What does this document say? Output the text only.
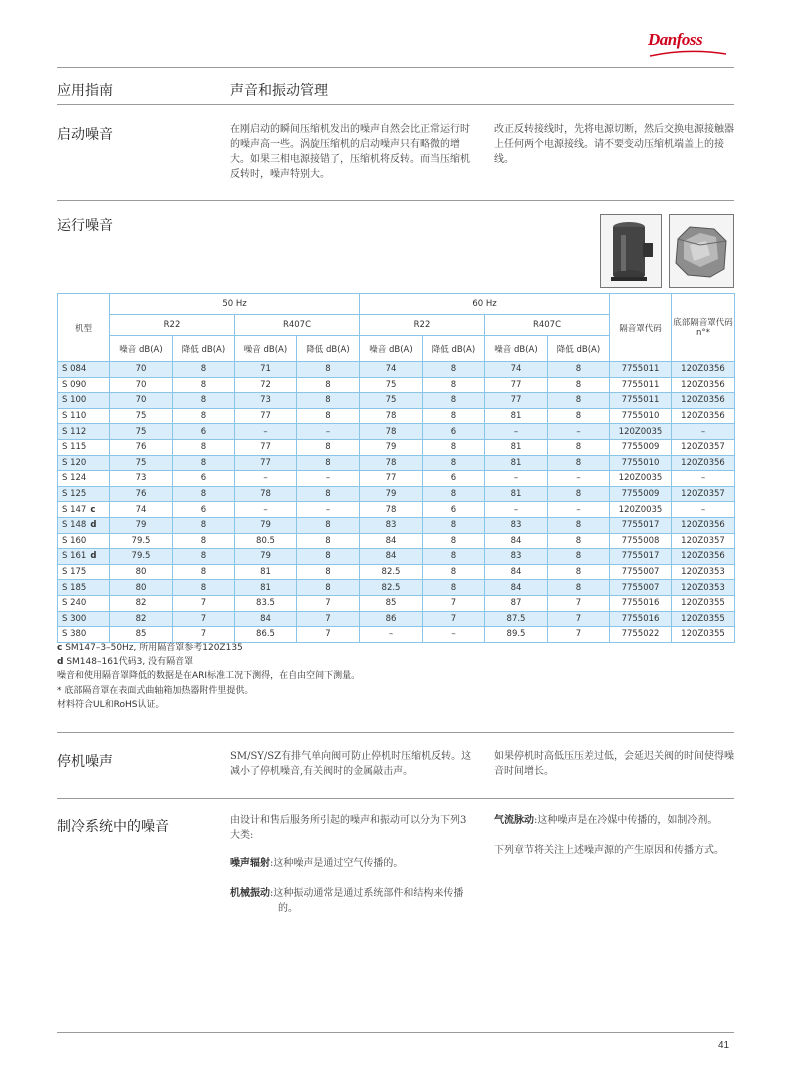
Danfoss
应用指南	声音和振动管理
启动噪音	在刚启动的瞬间压缩机发出的噪声自然会比正常运行时的噪声高一些。涡旋压缩机的启动噪声只有略微的增大。如果三相电源接错了，压缩机将反转。而当压缩机反转时，噪声特别大。
改正反转接线时，先将电源切断，然后交换电源接触器上任何两个电源接线。请不要变动压缩机端盖上的接线。
运行噪音
机型	50 Hz				60 Hz				隔音罩代码	底部隔音罩代码 n°*
	R22		R407C		R22		R407C			
	噪音 dB(A)	降低 dB(A)	噪音 dB(A)	降低 dB(A)	噪音 dB(A)	降低 dB(A)	噪音 dB(A)	降低 dB(A)		
S 084	70	8	71	8	74	8	74	8	7755011	120Z0356
S 090	70	8	72	8	75	8	77	8	7755011	120Z0356
S 100	70	8	73	8	75	8	77	8	7755011	120Z0356
S 110	75	8	77	8	78	8	81	8	7755010	120Z0356
S 112	75	6	–	–	78	6	–	–	120Z0035	–
S 115	76	8	77	8	79	8	81	8	7755009	120Z0357
S 120	75	8	77	8	78	8	81	8	7755010	120Z0356
S 124	73	6	–	–	77	6	–	–	120Z0035	–
S 125	76	8	78	8	79	8	81	8	7755009	120Z0357
S 147 c	74	6	–	–	78	6	–	–	120Z0035	–
S 148 d	79	8	79	8	83	8	83	8	7755017	120Z0356
S 160	79.5	8	80.5	8	84	8	84	8	7755008	120Z0357
S 161 d	79.5	8	79	8	84	8	83	8	7755017	120Z0356
S 175	80	8	81	8	82.5	8	84	8	7755007	120Z0353
S 185	80	8	81	8	82.5	8	84	8	7755007	120Z0353
S 240	82	7	83.5	7	85	7	87	7	7755016	120Z0355
S 300	82	7	84	7	86	7	87.5	7	7755016	120Z0355
S 380	85	7	86.5	7	–	–	89.5	7	7755022	120Z0355
c SM147–3–50Hz, 所用隔音罩参考120Z135
d SM148–161代码3, 没有隔音罩
噪音和使用隔音罩降低的数据是在ARI标准工况下测得，在自由空间下测量。
* 底部隔音罩在表面式曲轴箱加热器附件里提供。
材料符合UL和RoHS认证。
停机噪声	SM/SY/SZ有排气单向阀可防止停机时压缩机反转。这减小了停机噪音,有关阀时的金属敲击声。
如果停机时高低压压差过低，会延迟关阀的时间使得噪音时间增长。
制冷系统中的噪音	由设计和售后服务所引起的噪声和振动可以分为下列3大类:
噪声辐射:这种噪声是通过空气传播的。
机械振动:这种振动通常是通过系统部件和结构来传播的。
气流脉动:这种噪声是在冷媒中传播的，如制冷剂。
下列章节将关注上述噪声源的产生原因和传播方式。
41
